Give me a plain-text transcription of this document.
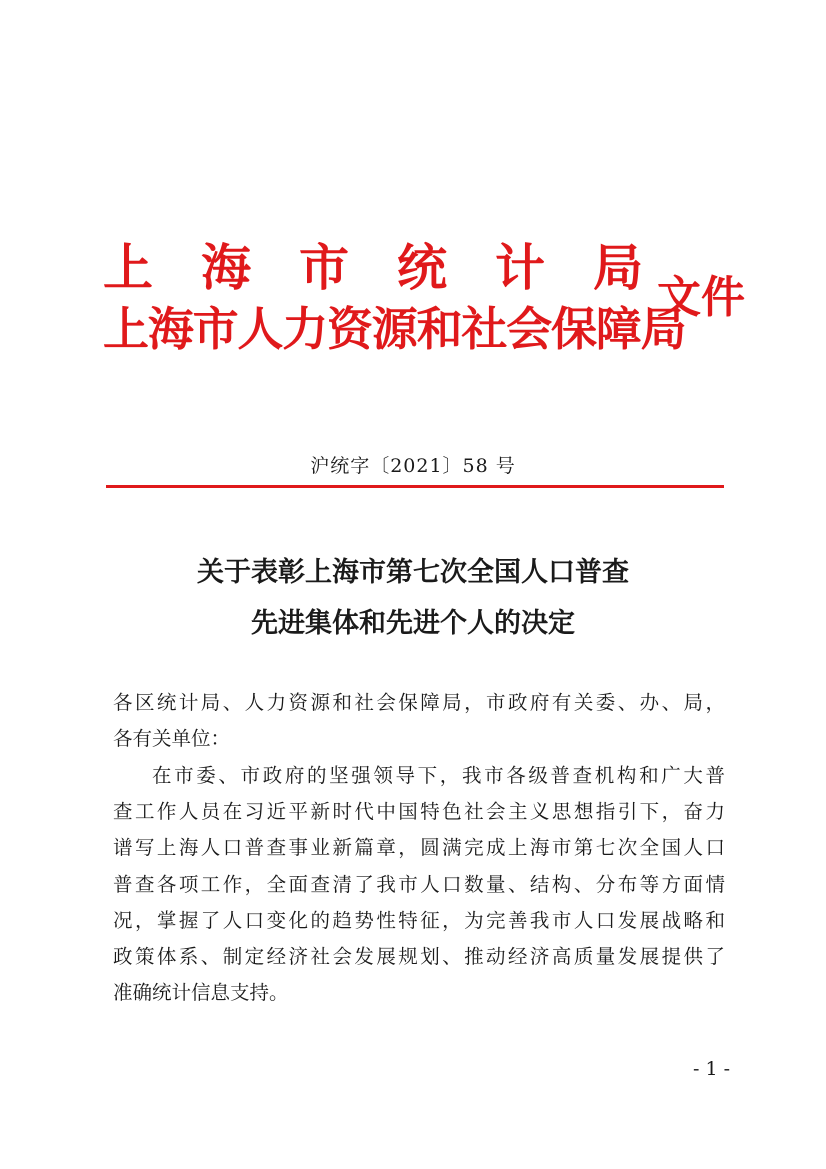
上 海 市 统 计 局
上海市人力资源和社会保障局
文件
沪统字〔2021〕58 号
关于表彰上海市第七次全国人口普查
先进集体和先进个人的决定
各区统计局、人力资源和社会保障局，市政府有关委、办、局，
各有关单位：
在市委、市政府的坚强领导下，我市各级普查机构和广大普
查工作人员在习近平新时代中国特色社会主义思想指引下，奋力
谱写上海人口普查事业新篇章，圆满完成上海市第七次全国人口
普查各项工作，全面查清了我市人口数量、结构、分布等方面情
况，掌握了人口变化的趋势性特征，为完善我市人口发展战略和
政策体系、制定经济社会发展规划、推动经济高质量发展提供了
准确统计信息支持。
- 1 -
